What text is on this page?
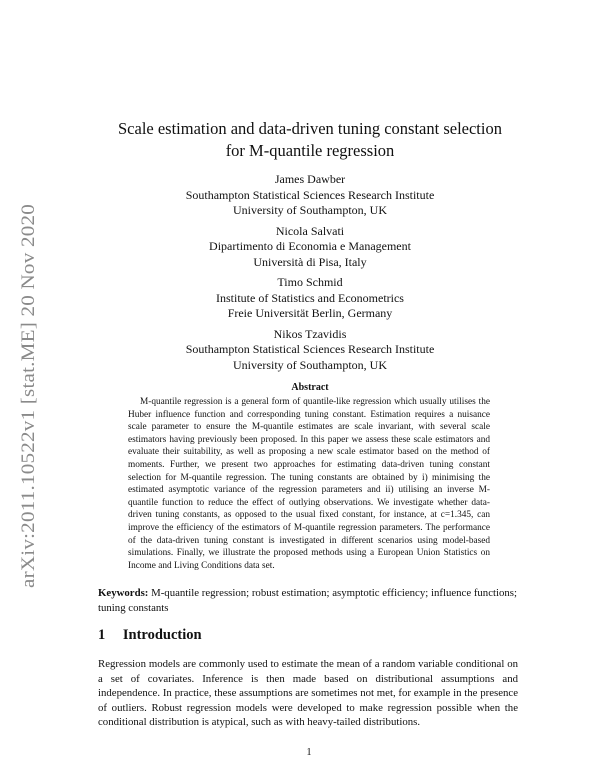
arXiv:2011.10522v1 [stat.ME] 20 Nov 2020
Scale estimation and data-driven tuning constant selection
for M-quantile regression
James Dawber
Southampton Statistical Sciences Research Institute
University of Southampton, UK
Nicola Salvati
Dipartimento di Economia e Management
Università di Pisa, Italy
Timo Schmid
Institute of Statistics and Econometrics
Freie Universität Berlin, Germany
Nikos Tzavidis
Southampton Statistical Sciences Research Institute
University of Southampton, UK
Abstract
M-quantile regression is a general form of quantile-like regression which usually utilises the Huber influence function and corresponding tuning constant. Estimation requires a nuisance scale parameter to ensure the M-quantile estimates are scale invariant, with several scale estimators having previously been proposed. In this paper we assess these scale estimators and evaluate their suitability, as well as proposing a new scale estimator based on the method of moments. Further, we present two approaches for estimating data-driven tuning constant selection for M-quantile regression. The tuning constants are obtained by i) minimising the estimated asymptotic variance of the regression parameters and ii) utilising an inverse M-quantile function to reduce the effect of outlying observations. We investigate whether data-driven tuning constants, as opposed to the usual fixed constant, for instance, at c=1.345, can improve the efficiency of the estimators of M-quantile regression parameters. The performance of the data-driven tuning constant is investigated in different scenarios using model-based simulations. Finally, we illustrate the proposed methods using a European Union Statistics on Income and Living Conditions data set.
Keywords: M-quantile regression; robust estimation; asymptotic efficiency; influence functions; tuning constants
1 Introduction
Regression models are commonly used to estimate the mean of a random variable conditional on a set of covariates. Inference is then made based on distributional assumptions and independence. In practice, these assumptions are sometimes not met, for example in the presence of outliers. Robust regression models were developed to make regression possible when the conditional distribution is atypical, such as with heavy-tailed distributions.
1
